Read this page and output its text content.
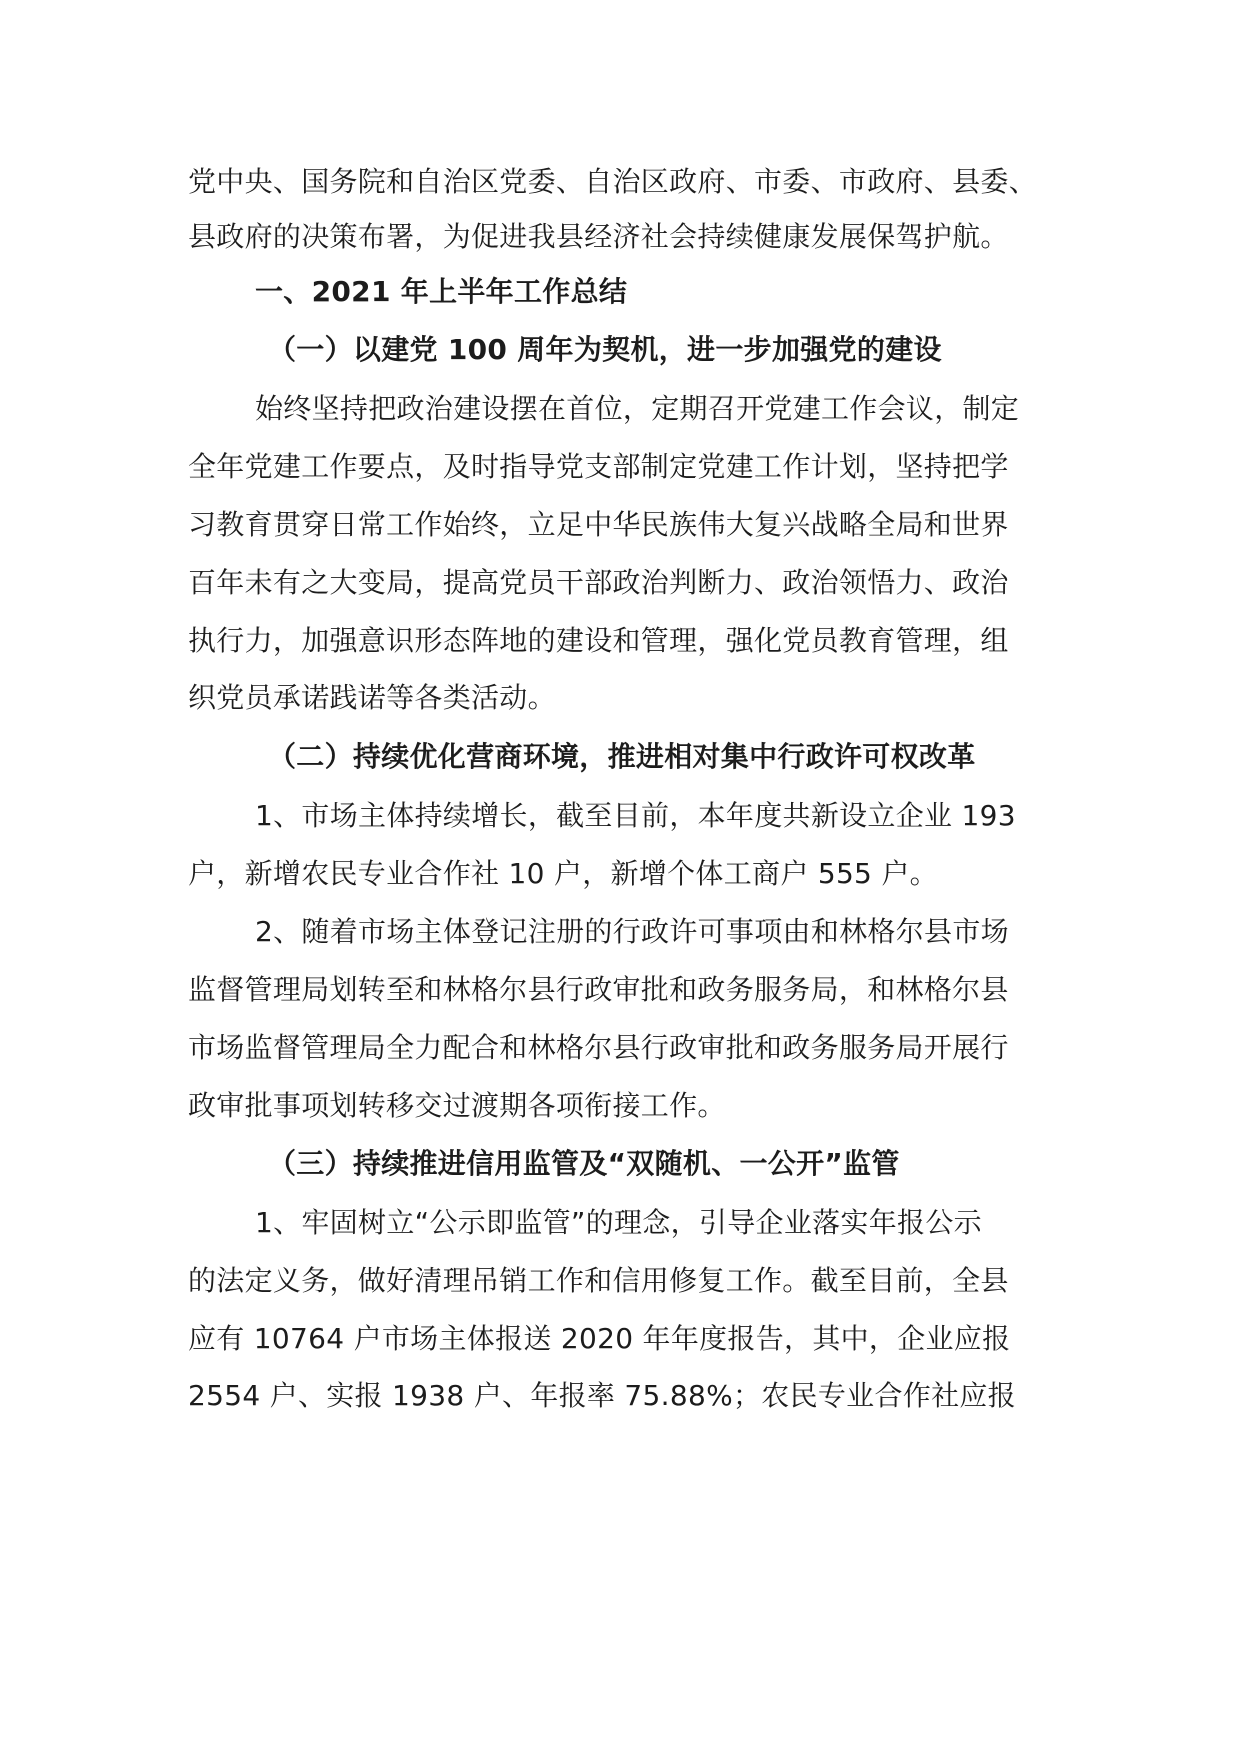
党中央、国务院和自治区党委、自治区政府、市委、市政府、县委、
县政府的决策布署，为促进我县经济社会持续健康发展保驾护航。
一、2021 年上半年工作总结
（一）以建党 100 周年为契机，进一步加强党的建设
始终坚持把政治建设摆在首位，定期召开党建工作会议，制定
全年党建工作要点，及时指导党支部制定党建工作计划，坚持把学
习教育贯穿日常工作始终，立足中华民族伟大复兴战略全局和世界
百年未有之大变局，提高党员干部政治判断力、政治领悟力、政治
执行力，加强意识形态阵地的建设和管理，强化党员教育管理，组
织党员承诺践诺等各类活动。
（二）持续优化营商环境，推进相对集中行政许可权改革
1、市场主体持续增长，截至目前，本年度共新设立企业 193
户，新增农民专业合作社 10 户，新增个体工商户 555 户。
2、随着市场主体登记注册的行政许可事项由和林格尔县市场
监督管理局划转至和林格尔县行政审批和政务服务局，和林格尔县
市场监督管理局全力配合和林格尔县行政审批和政务服务局开展行
政审批事项划转移交过渡期各项衔接工作。
（三）持续推进信用监管及“双随机、一公开”监管
1、牢固树立“公示即监管”的理念，引导企业落实年报公示
的法定义务，做好清理吊销工作和信用修复工作。截至目前，全县
应有 10764 户市场主体报送 2020 年年度报告，其中，企业应报
2554 户、实报 1938 户、年报率 75.88%；农民专业合作社应报
